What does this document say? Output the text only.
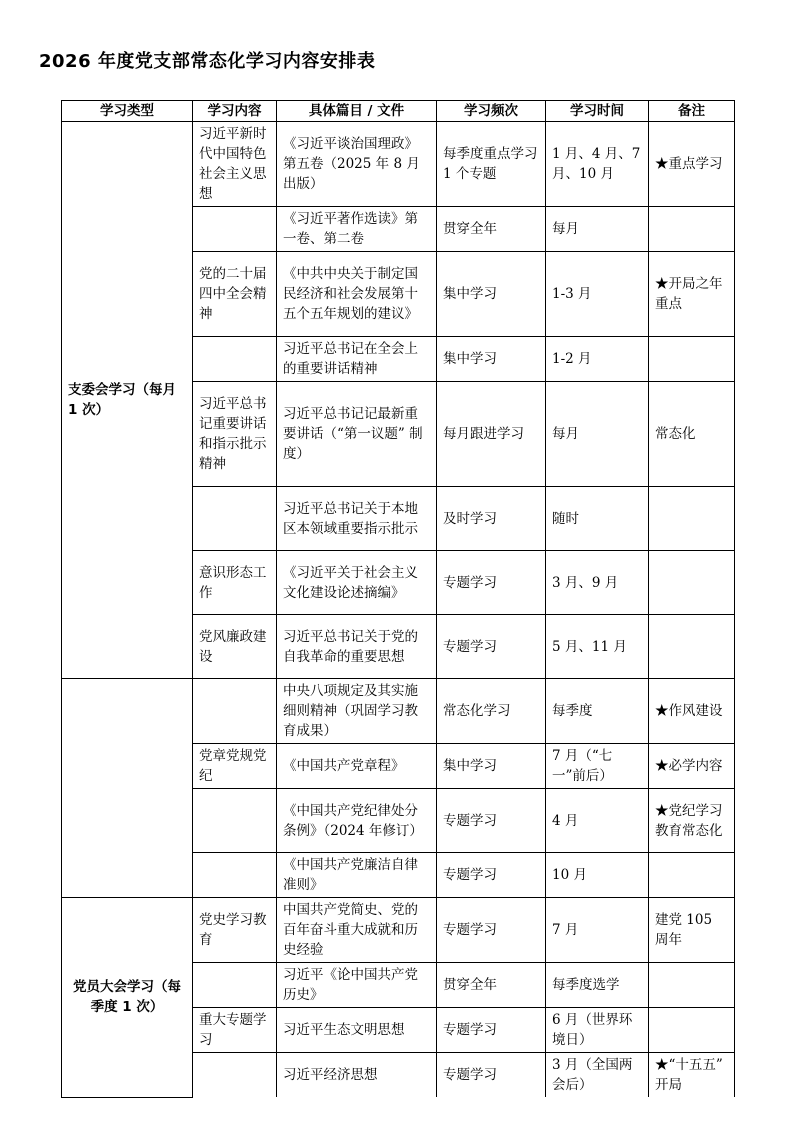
2026 年度党支部常态化学习内容安排表
学习类型	学习内容	具体篇目 / 文件	学习频次	学习时间	备注
支委会学习（每月 1 次）	习近平新时代中国特色社会主义思想	《习近平谈治国理政》第五卷（2025 年 8 月出版）	每季度重点学习 1 个专题	1 月、4 月、7 月、10 月	★重点学习
		《习近平著作选读》第一卷、第二卷	贯穿全年	每月	
	党的二十届四中全会精神	《中共中央关于制定国民经济和社会发展第十五个五年规划的建议》	集中学习	1-3 月	★开局之年重点
		习近平总书记在全会上的重要讲话精神	集中学习	1-2 月	
	习近平总书记重要讲话和指示批示精神	习近平总书记记最新重要讲话（“第一议题” 制度）	每月跟进学习	每月	常态化
		习近平总书记关于本地区本领域重要指示批示	及时学习	随时	
	意识形态工作	《习近平关于社会主义文化建设论述摘编》	专题学习	3 月、9 月	
	党风廉政建设	习近平总书记关于党的自我革命的重要思想	专题学习	5 月、11 月	
		中央八项规定及其实施细则精神（巩固学习教育成果）	常态化学习	每季度	★作风建设
	党章党规党纪	《中国共产党章程》	集中学习	7 月（“七一”前后）	★必学内容
		《中国共产党纪律处分条例》（2024 年修订）	专题学习	4 月	★党纪学习教育常态化
		《中国共产党廉洁自律准则》	专题学习	10 月	
党员大会学习（每季度 1 次）	党史学习教育	中国共产党简史、党的百年奋斗重大成就和历史经验	专题学习	7 月	建党 105 周年
		习近平《论中国共产党历史》	贯穿全年	每季度选学	
	重大专题学习	习近平生态文明思想	专题学习	6 月（世界环境日）	
		习近平经济思想	专题学习	3 月（全国两会后）	★“十五五” 开局
